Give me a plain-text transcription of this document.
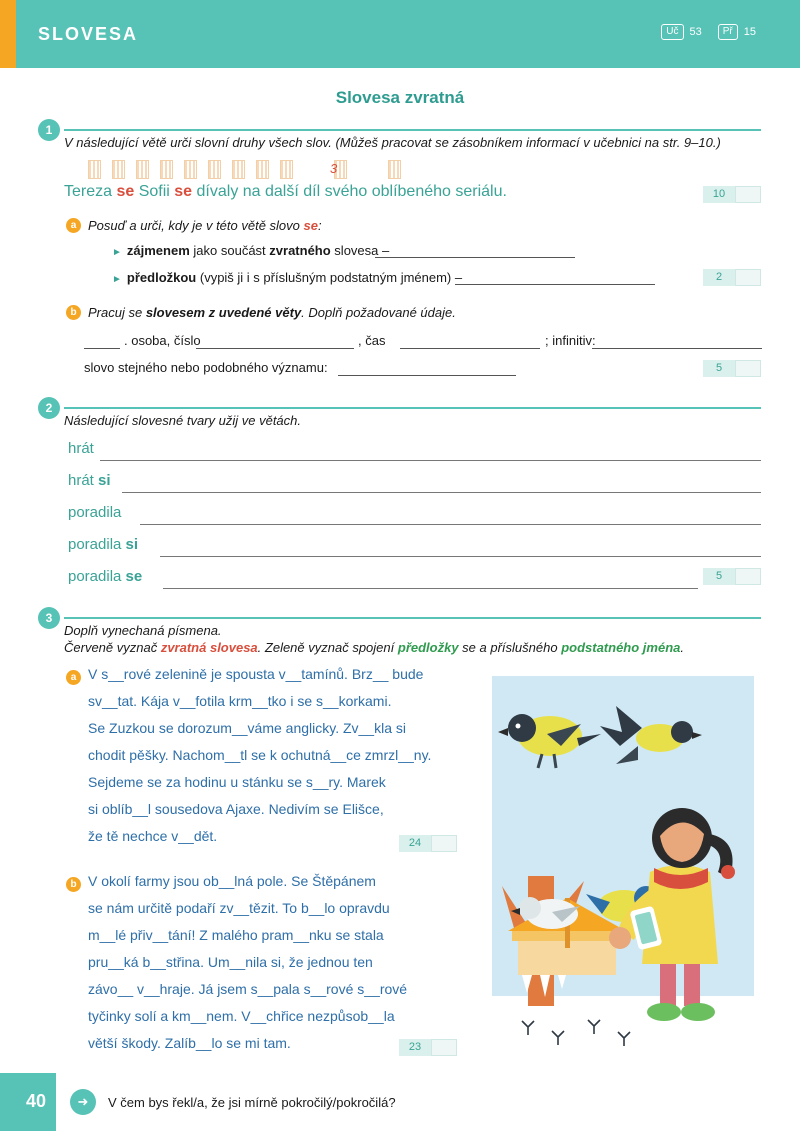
SLOVESA	Uč	53	Př	15
Slovesa zvratná
1
V následující větě urči slovní druhy všech slov. (Můžeš pracovat se zásobníkem informací v učebnici na str. 9–10.)
3
Tereza se Sofii se dívaly na další díl svého oblíbeného seriálu.	10
a Posuď a urči, kdy je v této větě slovo se:
► zájmenem jako součást zvratného slovesa –
► předložkou (vypiš ji i s příslušným podstatným jménem) –	2
b Pracuj se slovesem z uvedené věty. Doplň požadované údaje.
. osoba, číslo	, čas	; infinitiv:
slovo stejného nebo podobného významu:	5
2
Následující slovesné tvary užij ve větách.
hrát
hrát si
poradila
poradila si
poradila se	5
3
Doplň vynechaná písmena.
Červeně vyznač zvratná slovesa. Zeleně vyznač spojení předložky se a příslušného podstatného jména.
a V s__rové zelenině je spousta v__tamínů. Brz__ bude
sv__tat. Kája v__fotila krm__tko i se s__korkami.
Se Zuzkou se dorozum__váme anglicky. Zv__kla si
chodit pěšky. Nachom__tl se k ochutná__ce zmrzl__ny.
Sejdeme se za hodinu u stánku se s__ry. Marek
si oblíb__l sousedova Ajaxe. Nedivím se Elišce,
že tě nechce v__dět.	24
b V okolí farmy jsou ob__lná pole. Se Štěpánem
se nám určitě podaří zv__tězit. To b__lo opravdu
m__lé přiv__tání! Z malého pram__nku se stala
pru__ká b__střina. Um__nila si, že jednou ten
závo__ v__hraje. Já jsem s__pala s__rové s__rové
tyčinky solí a km__nem. V__chřice nezpůsob__la
větší škody. Zalíb__lo se mi tam.	23
40	➜	V čem bys řekl/a, že jsi mírně pokročilý/pokročilá?
